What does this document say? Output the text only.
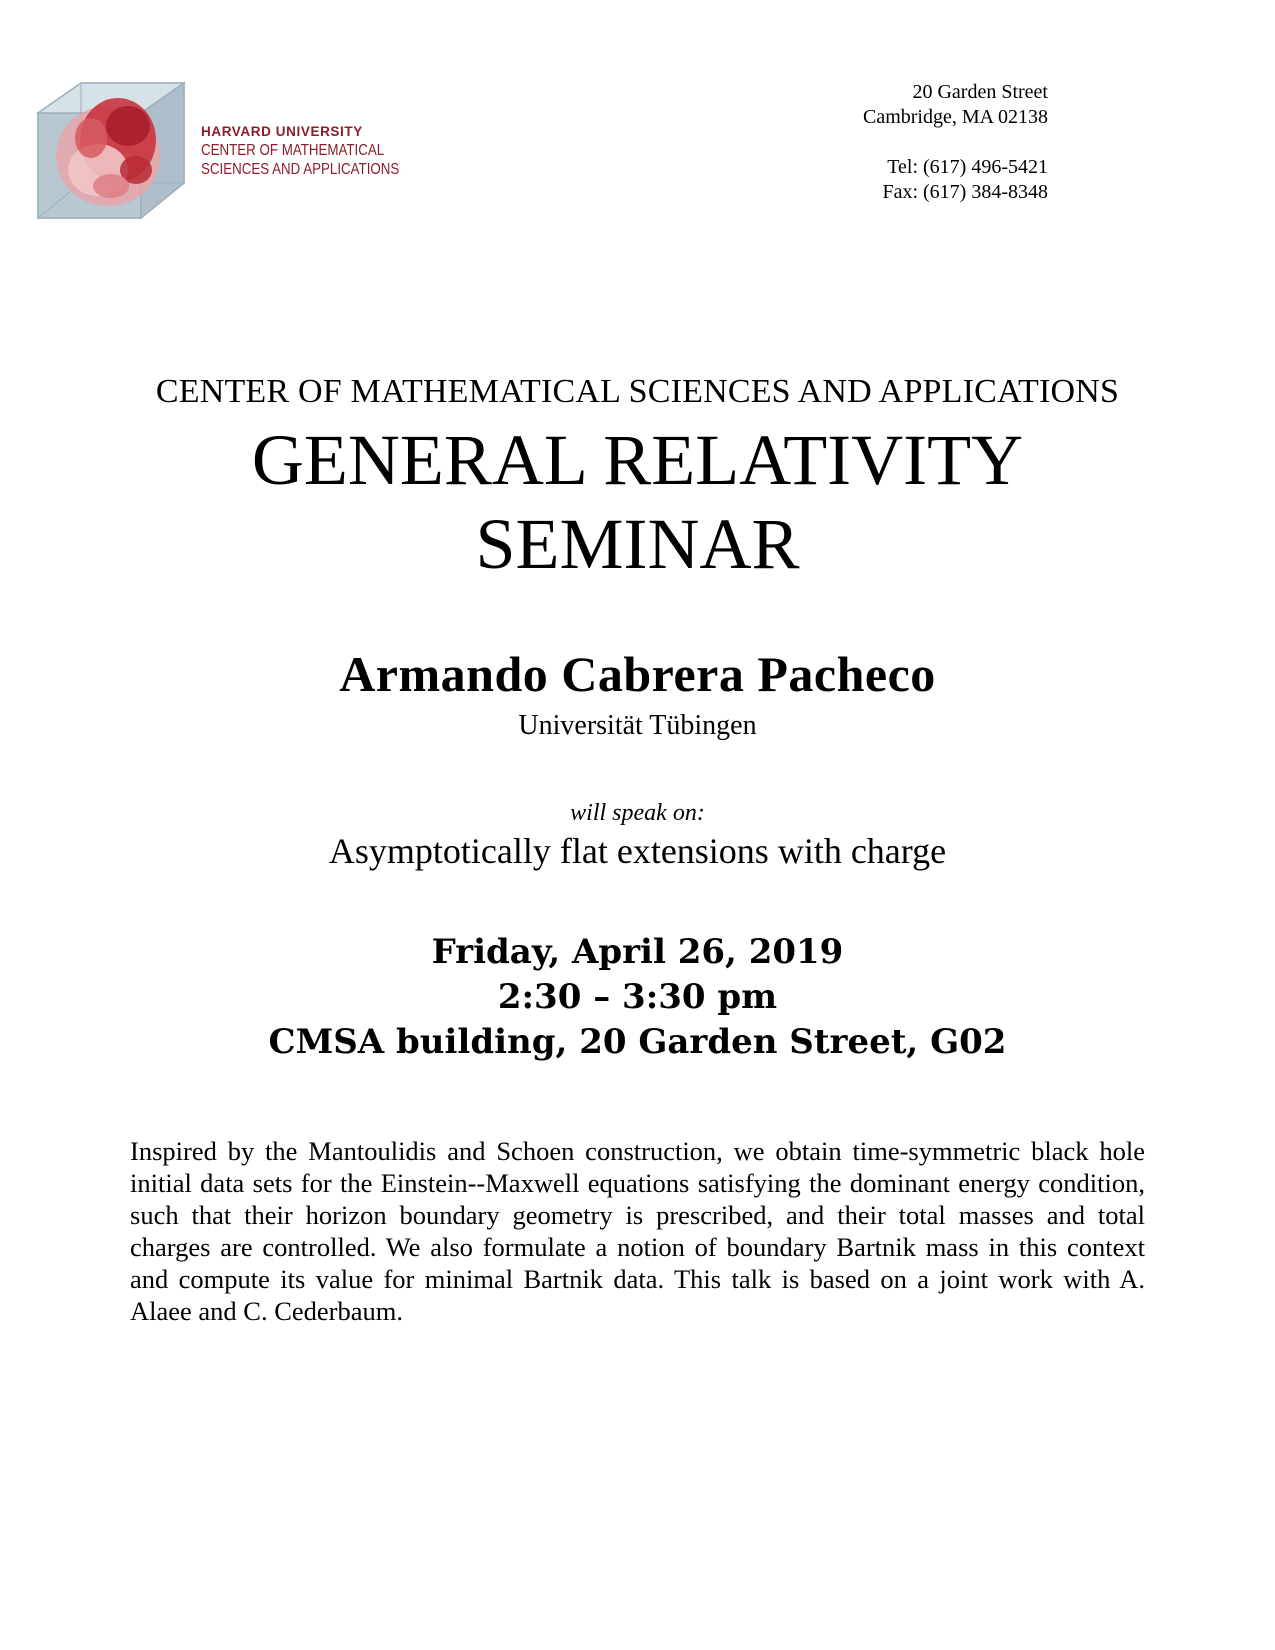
HARVARD UNIVERSITY
CENTER OF MATHEMATICAL
SCIENCES AND APPLICATIONS
20 Garden Street
Cambridge, MA 02138
Tel: (617) 496-5421
Fax: (617) 384-8348
CENTER OF MATHEMATICAL SCIENCES AND APPLICATIONS
GENERAL RELATIVITY
SEMINAR
Armando Cabrera Pacheco
Universität Tübingen
will speak on:
Asymptotically flat extensions with charge
Friday, April 26, 2019
2:30 – 3:30 pm
CMSA building, 20 Garden Street, G02
Inspired by the Mantoulidis and Schoen construction, we obtain time-symmetric black hole initial data sets for the Einstein--Maxwell equations satisfying the dominant energy condition, such that their horizon boundary geometry is prescribed, and their total masses and total charges are controlled. We also formulate a notion of boundary Bartnik mass in this context and compute its value for minimal Bartnik data. This talk is based on a joint work with A. Alaee and C. Cederbaum.
